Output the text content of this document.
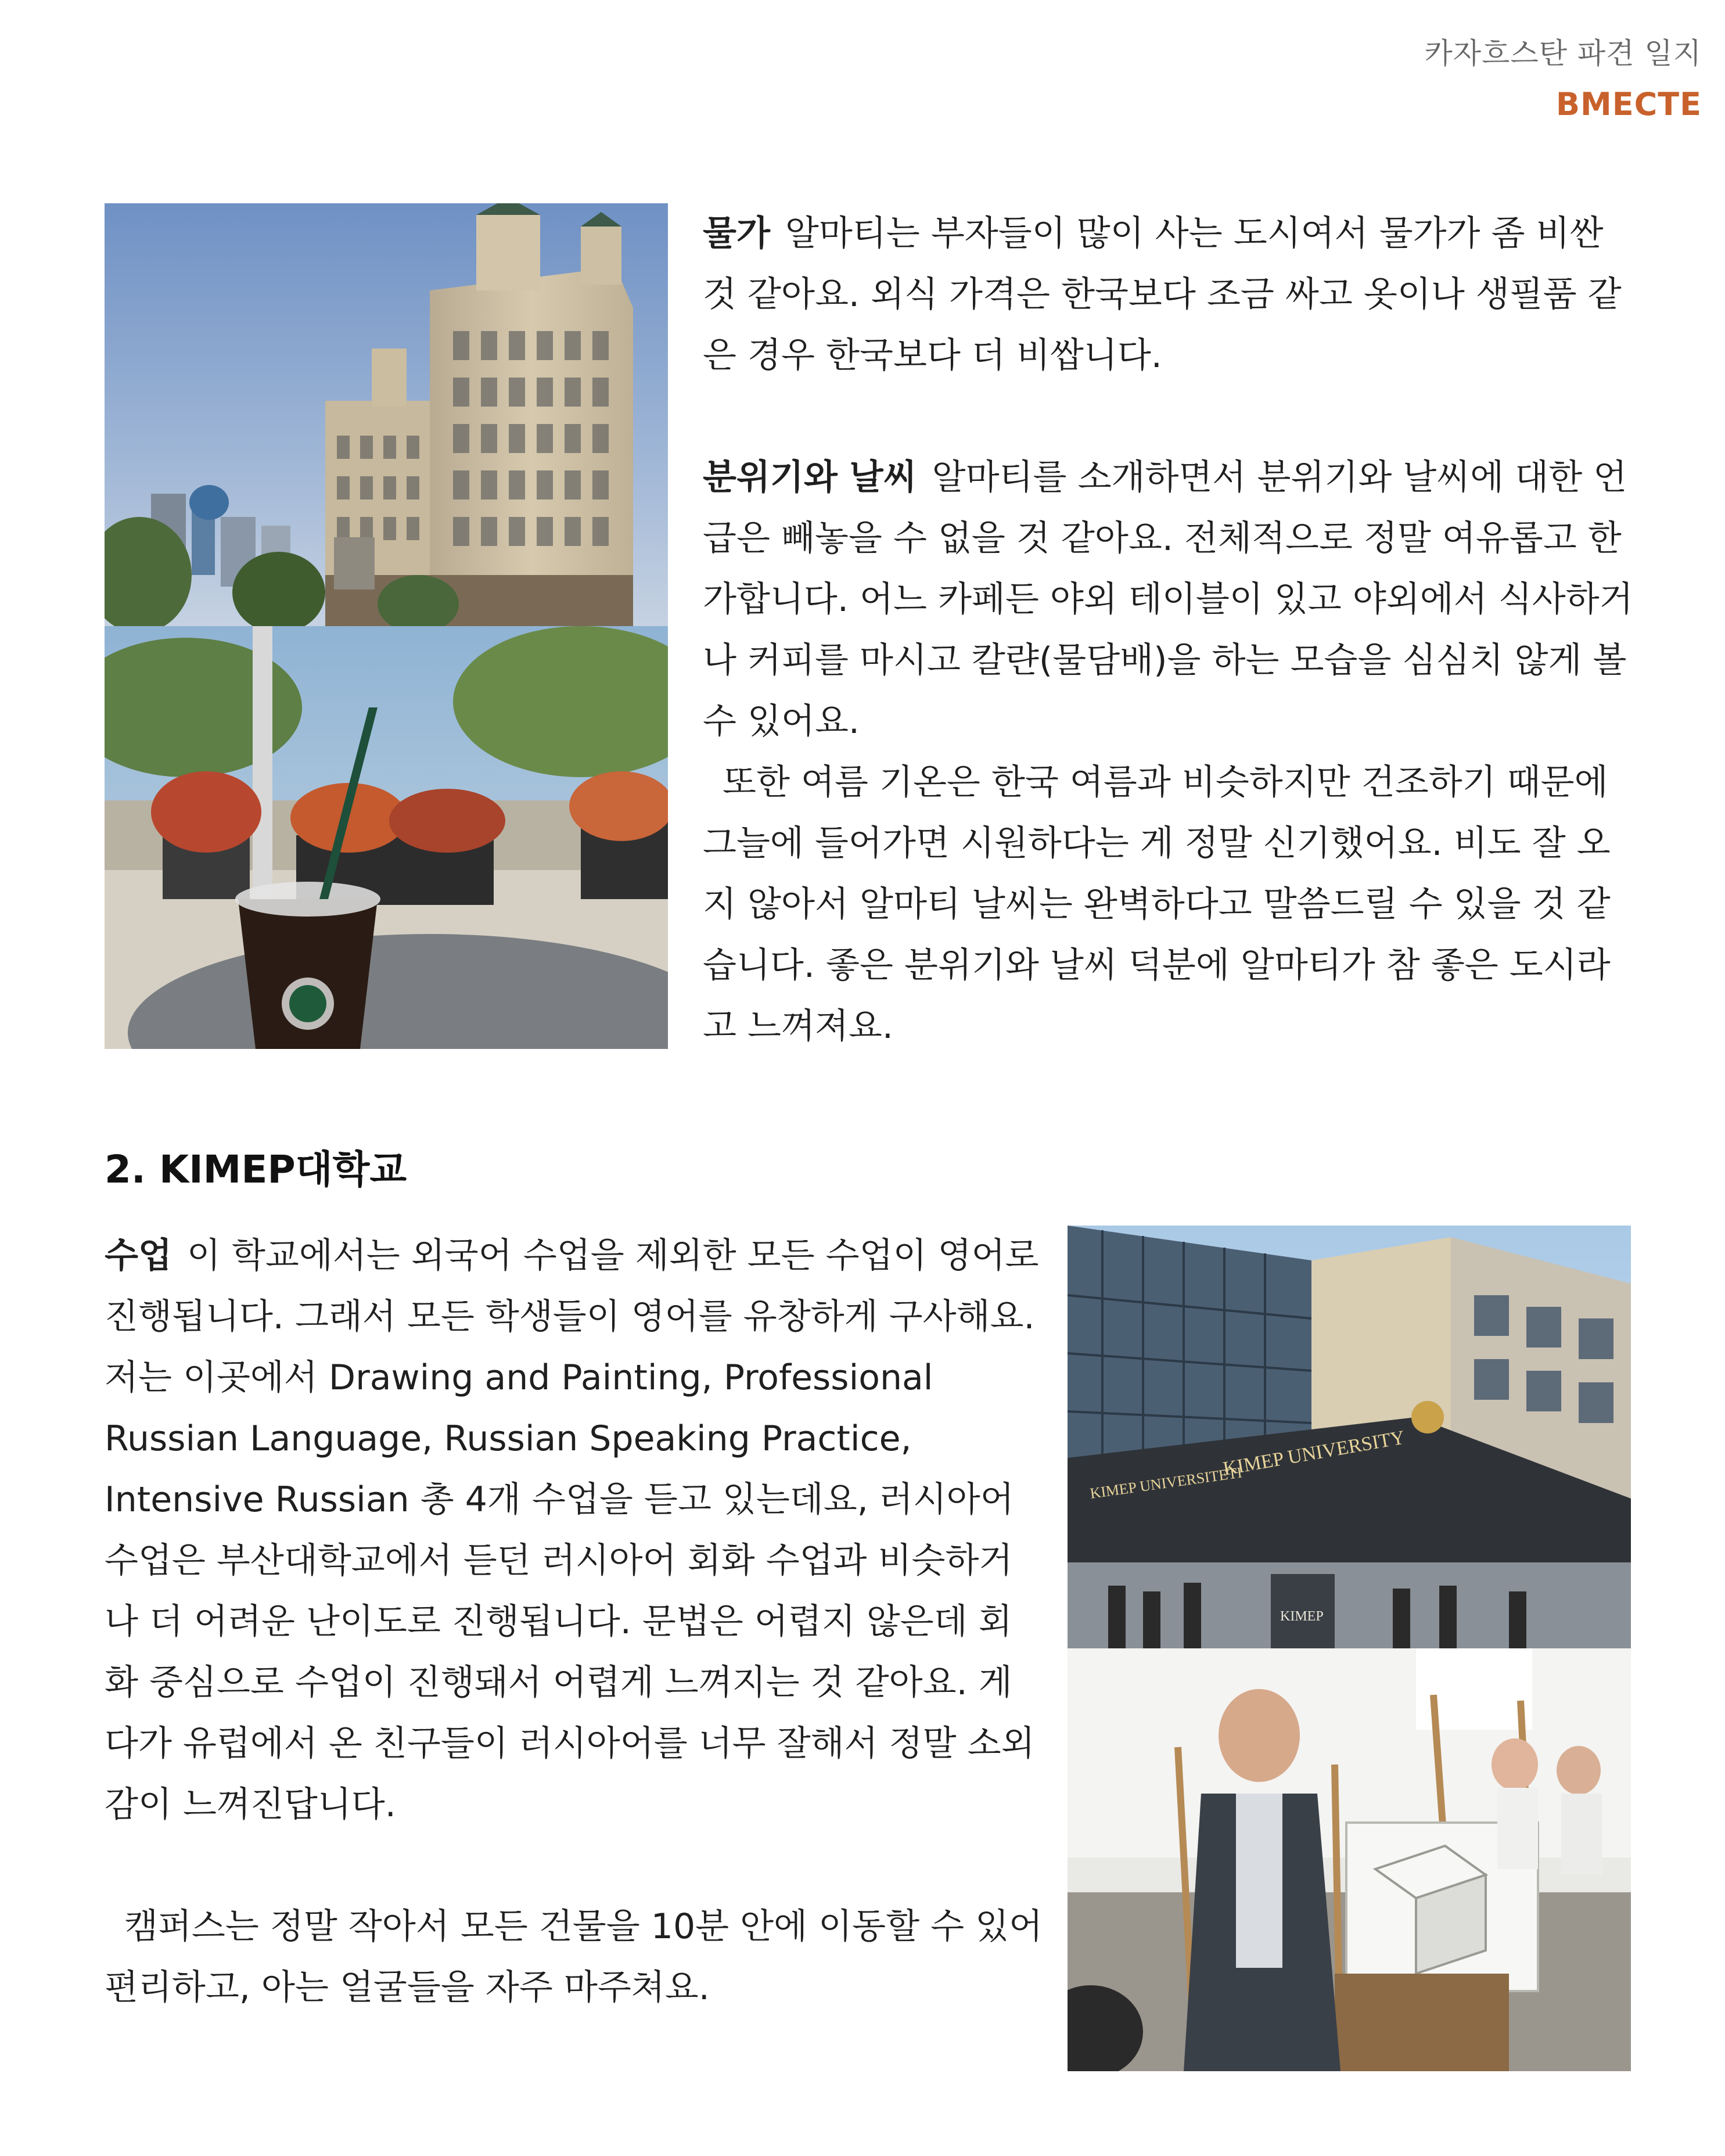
카자흐스탄 파견 일지
BMECTE

물가 알마티는 부자들이 많이 사는 도시여서 물가가 좀 비싼 것 같아요. 외식 가격은 한국보다 조금 싸고 옷이나 생필품 같은 경우 한국보다 더 비쌉니다.

분위기와 날씨 알마티를 소개하면서 분위기와 날씨에 대한 언급은 빼놓을 수 없을 것 같아요. 전체적으로 정말 여유롭고 한가합니다. 어느 카페든 야외 테이블이 있고 야외에서 식사하거나 커피를 마시고 칼랸(물담배)을 하는 모습을 심심치 않게 볼 수 있어요.

또한 여름 기온은 한국 여름과 비슷하지만 건조하기 때문에 그늘에 들어가면 시원하다는 게 정말 신기했어요. 비도 잘 오지 않아서 알마티 날씨는 완벽하다고 말씀드릴 수 있을 것 같습니다. 좋은 분위기와 날씨 덕분에 알마티가 참 좋은 도시라고 느껴져요.

2. KIMEP대학교

수업 이 학교에서는 외국어 수업을 제외한 모든 수업이 영어로 진행됩니다. 그래서 모든 학생들이 영어를 유창하게 구사해요. 저는 이곳에서 Drawing and Painting, Professional Russian Language, Russian Speaking Practice, Intensive Russian 총 4개 수업을 듣고 있는데요, 러시아어 수업은 부산대학교에서 듣던 러시아어 회화 수업과 비슷하거나 더 어려운 난이도로 진행됩니다. 문법은 어렵지 않은데 회화 중심으로 수업이 진행돼서 어렵게 느껴지는 것 같아요. 게다가 유럽에서 온 친구들이 러시아어를 너무 잘해서 정말 소외감이 느껴진답니다.

캠퍼스는 정말 작아서 모든 건물을 10분 안에 이동할 수 있어 편리하고, 아는 얼굴들을 자주 마주쳐요.

KIMEP UNIVERSITETI
KIMEP UNIVERSITY
KIMEP
